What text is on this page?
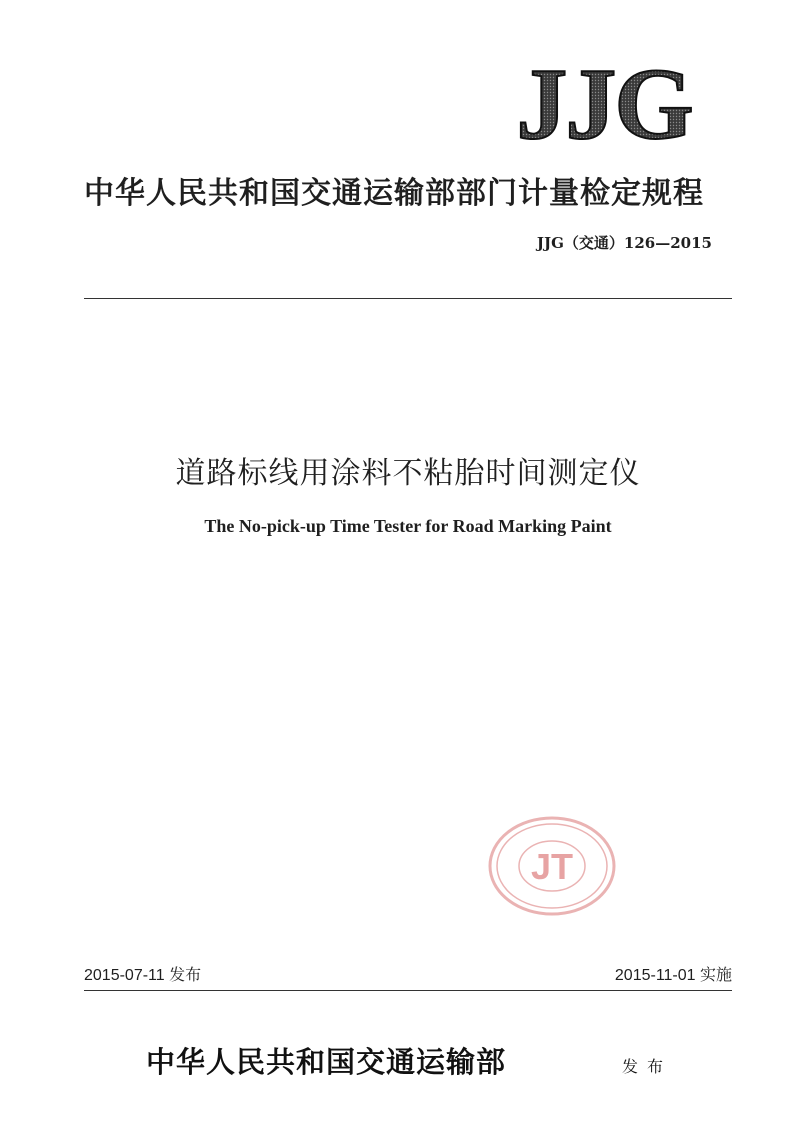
JJG
中华人民共和国交通运输部部门计量检定规程
JJG（交通）126—2015
道路标线用涂料不粘胎时间测定仪
The No-pick-up Time Tester for Road Marking Paint
JT
2015-07-11 发布	2015-11-01 实施
中华人民共和国交通运输部	发布
